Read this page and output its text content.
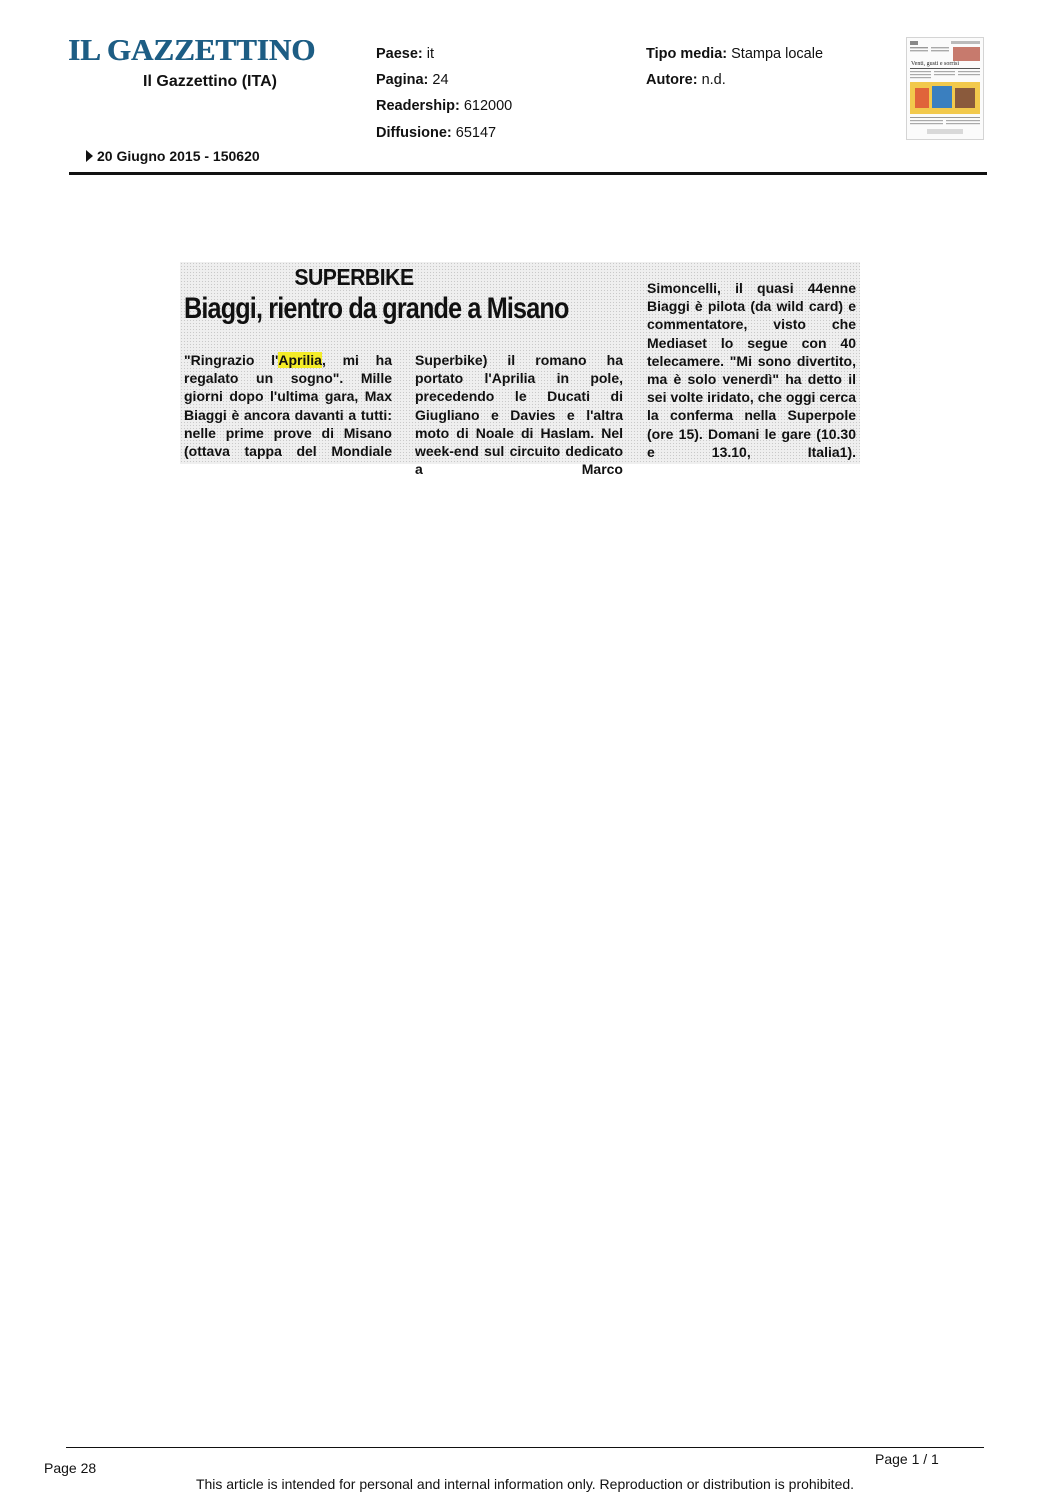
IL GAZZETTINO
Il Gazzettino (ITA)
Paese: it
Pagina: 24
Readership: 612000
Diffusione: 65147
Tipo media: Stampa locale
Autore: n.d.
Venti, gusti e sorrisi
20 Giugno 2015 - 150620
SUPERBIKE
Biaggi, rientro da grande a Misano
"Ringrazio l'Aprilia, mi ha regalato un sogno". Mille giorni dopo l'ultima gara, Max Biaggi è ancora davanti a tutti: nelle prime prove di Misano (ottava tappa del Mondiale
Superbike) il romano ha portato l'Aprilia in pole, precedendo le Ducati di Giugliano e Davies e l'altra moto di Noale di Haslam. Nel week-end sul circuito dedicato a Marco
Simoncelli, il quasi 44enne Biaggi è pilota (da wild card) e commentatore, visto che Mediaset lo segue con 40 telecamere. "Mi sono divertito, ma è solo venerdì" ha detto il sei volte iridato, che oggi cerca la conferma nella Superpole (ore 15). Domani le gare (10.30 e 13.10, Italia1).
Page 1 / 1
Page 28
This article is intended for personal and internal information only. Reproduction or distribution is prohibited.
